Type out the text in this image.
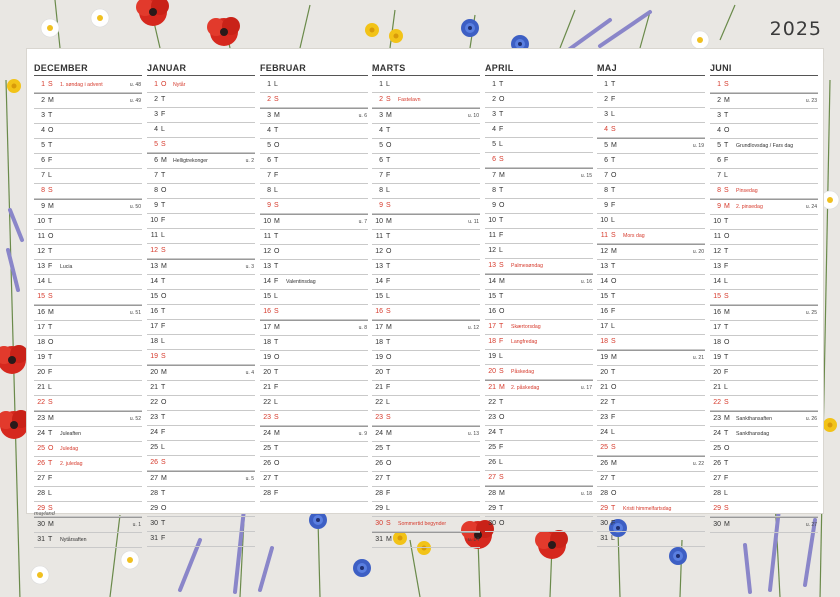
2025
mayland
DECEMBER
1 S 1. søndag i advent	u. 48
2 M	u. 49
3 T
4 O
5 T
6 F
7 L
8 S
9 M	u. 50
10 T
11 O
12 T
13 F Lucia
14 L
15 S
16 M	u. 51
17 T
18 O
19 T
20 F
21 L
22 S
23 M	u. 52
24 T Juleaften
25 O Juledag
26 T 2. juledag
27 F
28 L
29 S
30 M	u. 1
31 T Nytårsaften
JANUAR
1 O Nytår
2 T
3 F
4 L
5 S
6 M Helligtrekonger	u. 2
7 T
8 O
9 T
10 F
11 L
12 S
13 M	u. 3
14 T
15 O
16 T
17 F
18 L
19 S
20 M	u. 4
21 T
22 O
23 T
24 F
25 L
26 S
27 M	u. 5
28 T
29 O
30 T
31 F
FEBRUAR
1 L
2 S
3 M	u. 6
4 T
5 O
6 T
7 F
8 L
9 S
10 M	u. 7
11 T
12 O
13 T
14 F Valentinsdag
15 L
16 S
17 M	u. 8
18 T
19 O
20 T
21 F
22 L
23 S
24 M	u. 9
25 T
26 O
27 T
28 F
MARTS
1 L
2 S Fastelavn
3 M	u. 10
4 T
5 O
6 T
7 F
8 L
9 S
10 M	u. 11
11 T
12 O
13 T
14 F
15 L
16 S
17 M	u. 12
18 T
19 O
20 T
21 F
22 L
23 S
24 M	u. 13
25 T
26 O
27 T
28 F
29 L
30 S Sommertid begynder
31 M	u. 14
APRIL
1 T
2 O
3 T
4 F
5 L
6 S
7 M	u. 15
8 T
9 O
10 T
11 F
12 L
13 S Palmesøndag
14 M	u. 16
15 T
16 O
17 T Skærtorsdag
18 F Langfredag
19 L
20 S Påskedag
21 M 2. påskedag	u. 17
22 T
23 O
24 T
25 F
26 L
27 S
28 M	u. 18
29 T
30 O
MAJ
1 T
2 F
3 L
4 S
5 M	u. 19
6 T
7 O
8 T
9 F
10 L
11 S Mors dag
12 M	u. 20
13 T
14 O
15 T
16 F
17 L
18 S
19 M	u. 21
20 T
21 O
22 T
23 F
24 L
25 S
26 M	u. 22
27 T
28 O
29 T Kristi himmelfartsdag
30 F
31 L
JUNI
1 S
2 M	u. 23
3 T
4 O
5 T Grundlovsdag / Fars dag
6 F
7 L
8 S Pinsedag
9 M 2. pinsedag	u. 24
10 T
11 O
12 T
13 F
14 L
15 S
16 M	u. 25
17 T
18 O
19 T
20 F
21 L
22 S
23 M Sankthansaften	u. 26
24 T Sankthansdag
25 O
26 T
27 F
28 L
29 S
30 M	u. 27
